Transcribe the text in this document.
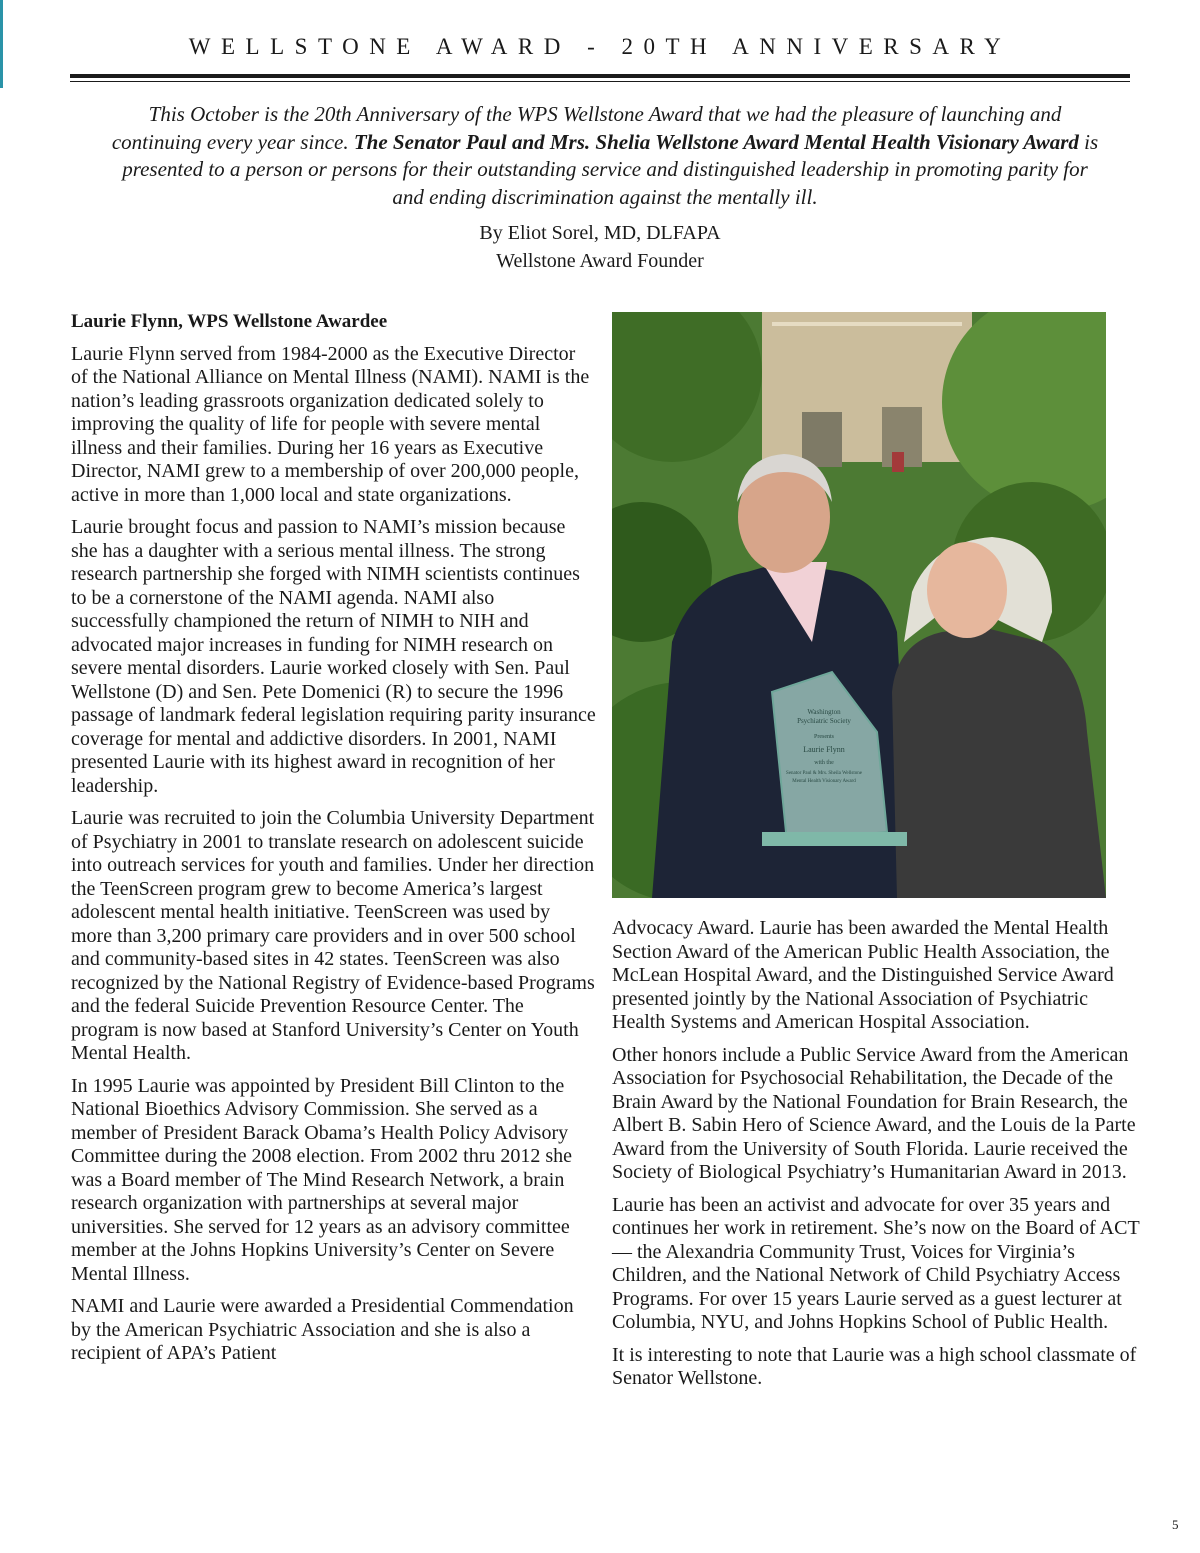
WELLSTONE AWARD - 20TH ANNIVERSARY
This October is the 20th Anniversary of the WPS Wellstone Award that we had the pleasure of launching and continuing every year since. The Senator Paul and Mrs. Shelia Wellstone Award Mental Health Visionary Award is presented to a person or persons for their outstanding service and distinguished leadership in promoting parity for and ending discrimination against the mentally ill.
By Eliot Sorel, MD, DLFAPA
Wellstone Award Founder

Laurie Flynn, WPS Wellstone Awardee

Laurie Flynn served from 1984-2000 as the Executive Director of the National Alliance on Mental Illness (NAMI). NAMI is the nation’s leading grassroots organization dedicated solely to improving the quality of life for people with severe mental illness and their families. During her 16 years as Executive Director, NAMI grew to a membership of over 200,000 people, active in more than 1,000 local and state organizations.

Laurie brought focus and passion to NAMI’s mission because she has a daughter with a serious mental illness. The strong research partnership she forged with NIMH scientists continues to be a cornerstone of the NAMI agenda. NAMI also successfully championed the return of NIMH to NIH and advocated major increases in funding for NIMH research on severe mental disorders. Laurie worked closely with Sen. Paul Wellstone (D) and Sen. Pete Domenici (R) to secure the 1996 passage of landmark federal legislation requiring parity insurance coverage for mental and addictive disorders. In 2001, NAMI presented Laurie with its highest award in recognition of her leadership.

Laurie was recruited to join the Columbia University Department of Psychiatry in 2001 to translate research on adolescent suicide into outreach services for youth and families. Under her direction the TeenScreen program grew to become America’s largest adolescent mental health initiative. TeenScreen was used by more than 3,200 primary care providers and in over 500 school and community-based sites in 42 states. TeenScreen was also recognized by the National Registry of Evidence-based Programs and the federal Suicide Prevention Resource Center. The program is now based at Stanford University’s Center on Youth Mental Health.

In 1995 Laurie was appointed by President Bill Clinton to the National Bioethics Advisory Commission. She served as a member of President Barack Obama’s Health Policy Advisory Committee during the 2008 election. From 2002 thru 2012 she was a Board member of The Mind Research Network, a brain research organization with partnerships at several major universities. She served for 12 years as an advisory committee member at the Johns Hopkins University’s Center on Severe Mental Illness.

NAMI and Laurie were awarded a Presidential Commendation by the American Psychiatric Association and she is also a recipient of APA’s Patient

Washington
Psychiatric Society
Presents
Laurie Flynn
with the
Senator Paul & Mrs. Sheila Wellstone
Mental Health Visionary Award

Advocacy Award. Laurie has been awarded the Mental Health Section Award of the American Public Health Association, the McLean Hospital Award, and the Distinguished Service Award presented jointly by the National Association of Psychiatric Health Systems and American Hospital Association.

Other honors include a Public Service Award from the American Association for Psychosocial Rehabilitation, the Decade of the Brain Award by the National Foundation for Brain Research, the Albert B. Sabin Hero of Science Award, and the Louis de la Parte Award from the University of South Florida. Laurie received the Society of Biological Psychiatry’s Humanitarian Award in 2013.

Laurie has been an activist and advocate for over 35 years and continues her work in retirement. She’s now on the Board of ACT — the Alexandria Community Trust, Voices for Virginia’s Children, and the National Network of Child Psychiatry Access Programs. For over 15 years Laurie served as a guest lecturer at Columbia, NYU, and Johns Hopkins School of Public Health.

It is interesting to note that Laurie was a high school classmate of Senator Wellstone.

5
